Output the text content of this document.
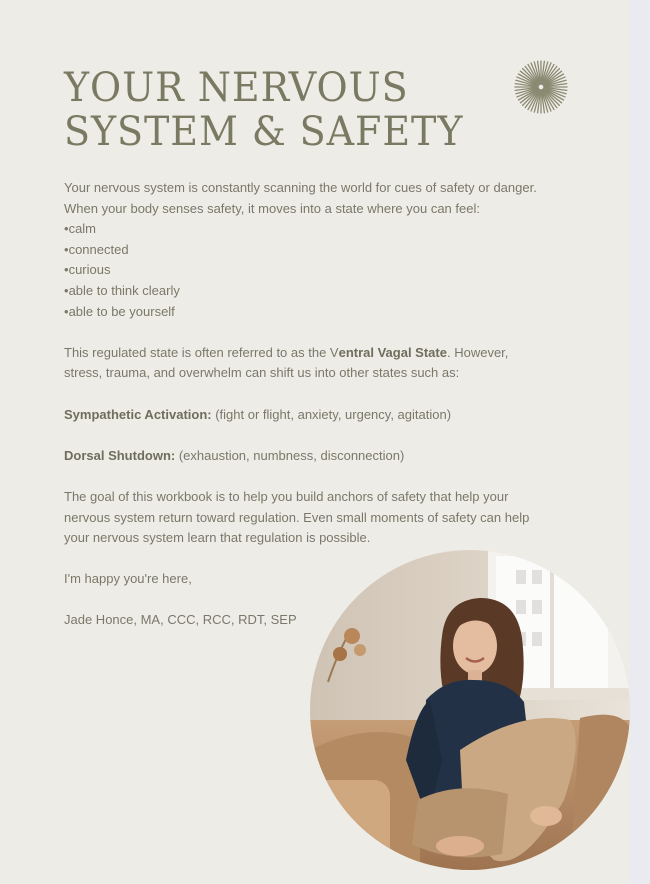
YOUR NERVOUS
SYSTEM & SAFETY

Your nervous system is constantly scanning the world for cues of safety or danger.

When your body senses safety, it moves into a state where you can feel:

• calm
• connected
• curious
• able to think clearly
• able to be yourself

This regulated state is often referred to as the Ventral Vagal State. However,

stress, trauma, and overwhelm can shift us into other states such as:

Sympathetic Activation: (fight or flight, anxiety, urgency, agitation)

Dorsal Shutdown: (exhaustion, numbness, disconnection)

The goal of this workbook is to help you build anchors of safety that help your

nervous system return toward regulation. Even small moments of safety can help

your nervous system learn that regulation is possible.

I'm happy you're here,

Jade Honce, MA, CCC, RCC, RDT, SEP
